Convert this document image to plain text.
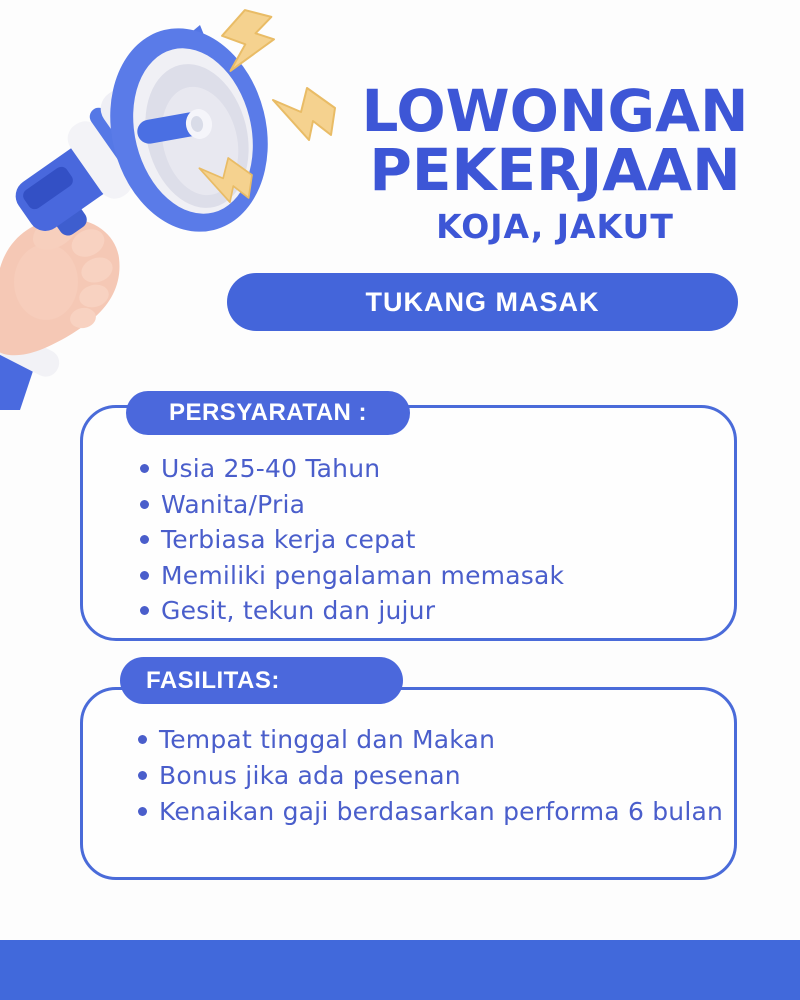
LOWONGAN
PEKERJAAN
KOJA, JAKUT
TUKANG MASAK
PERSYARATAN :
Usia 25-40 Tahun
Wanita/Pria
Terbiasa kerja cepat
Memiliki pengalaman memasak
Gesit, tekun dan jujur
FASILITAS:
Tempat tinggal dan Makan
Bonus jika ada pesenan
Kenaikan gaji berdasarkan performa 6 bulan
